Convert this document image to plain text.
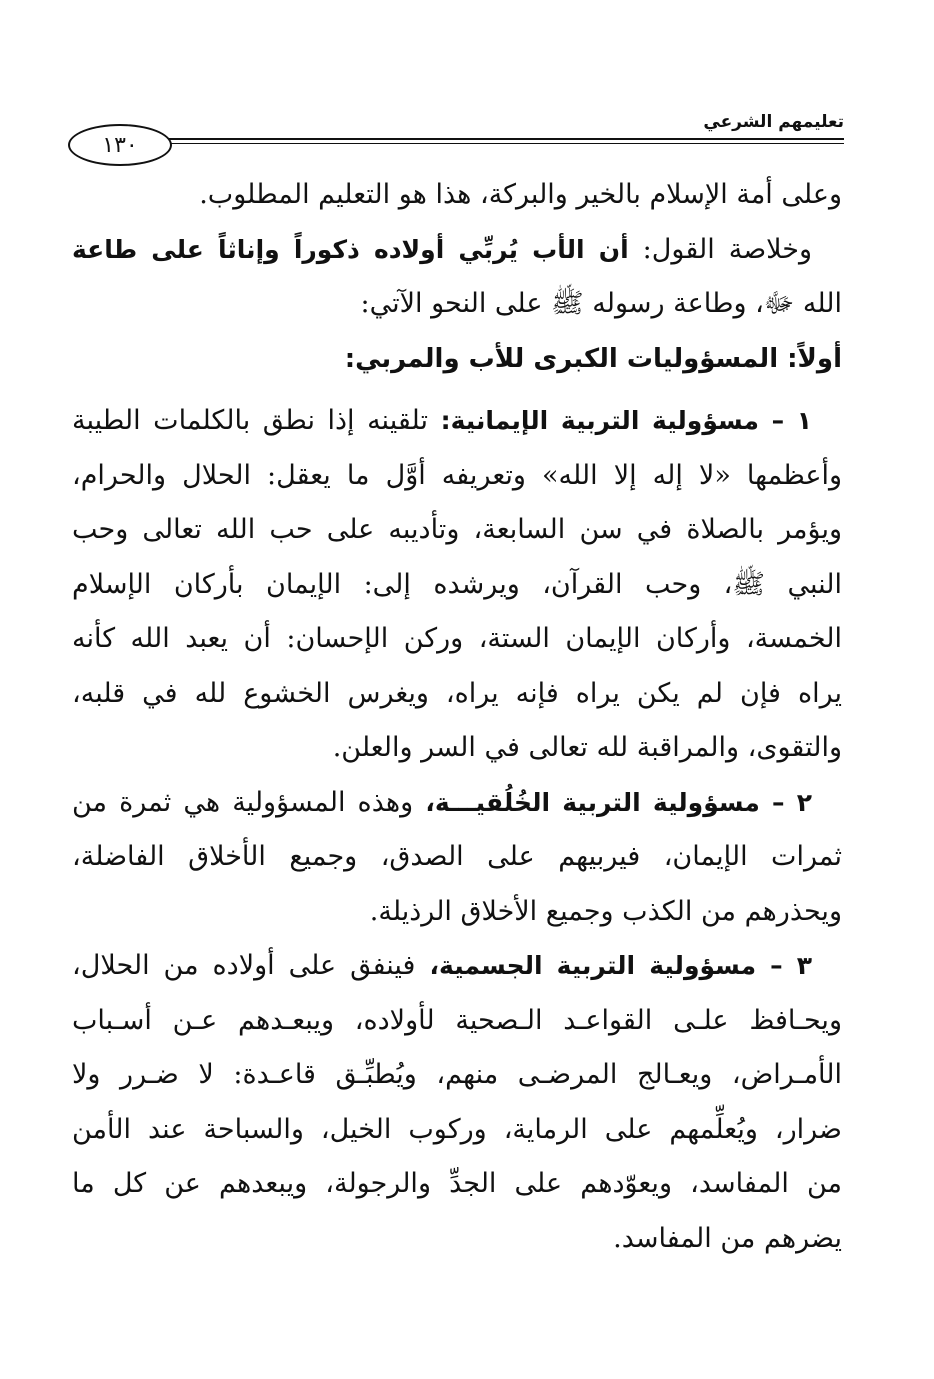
تعليمهم الشرعي
١٣٠
وعلى أمة الإسلام بالخير والبركة، هذا هو التعليم المطلوب.
وخلاصة القول: أن الأب يُربِّي أولاده ذكوراً وإناثاً على طاعة
الله ﷻ، وطاعة رسوله ﷺ على النحو الآتي:
أولاً: المسؤوليات الكبرى للأب والمربي:
١ – مسؤولية التربية الإيمانية: تلقينه إذا نطق بالكلمات الطيبة
وأعظمها «لا إله إلا الله» وتعريفه أوَّل ما يعقل: الحلال والحرام،
ويؤمر بالصلاة في سن السابعة، وتأديبه على حب الله تعالى وحب
النبي ﷺ، وحب القرآن، ويرشده إلى: الإيمان بأركان الإسلام
الخمسة، وأركان الإيمان الستة، وركن الإحسان: أن يعبد الله كأنه
يراه فإن لم يكن يراه فإنه يراه، ويغرس الخشوع لله في قلبه،
والتقوى، والمراقبة لله تعالى في السر والعلن.
٢ – مسؤولية التربية الخُلُقيـــة، وهذه المسؤولية هي ثمرة من
ثمرات الإيمان، فيربيهم على الصدق، وجميع الأخلاق الفاضلة،
ويحذرهم من الكذب وجميع الأخلاق الرذيلة.
٣ – مسؤولية التربية الجسمية، فينفق على أولاده من الحلال،
ويحـافظ علـى القواعـد الـصحية لأولاده، ويبعـدهم عـن أسـباب
الأمـراض، ويعـالج المرضـى منهم، ويُطبِّـق قاعـدة: لا ضـرر ولا
ضرار، ويُعلِّمهم على الرماية، وركوب الخيل، والسباحة عند الأمن
من المفاسد، ويعوّدهم على الجدِّ والرجولة، ويبعدهم عن كل ما
يضرهم من المفاسد.
